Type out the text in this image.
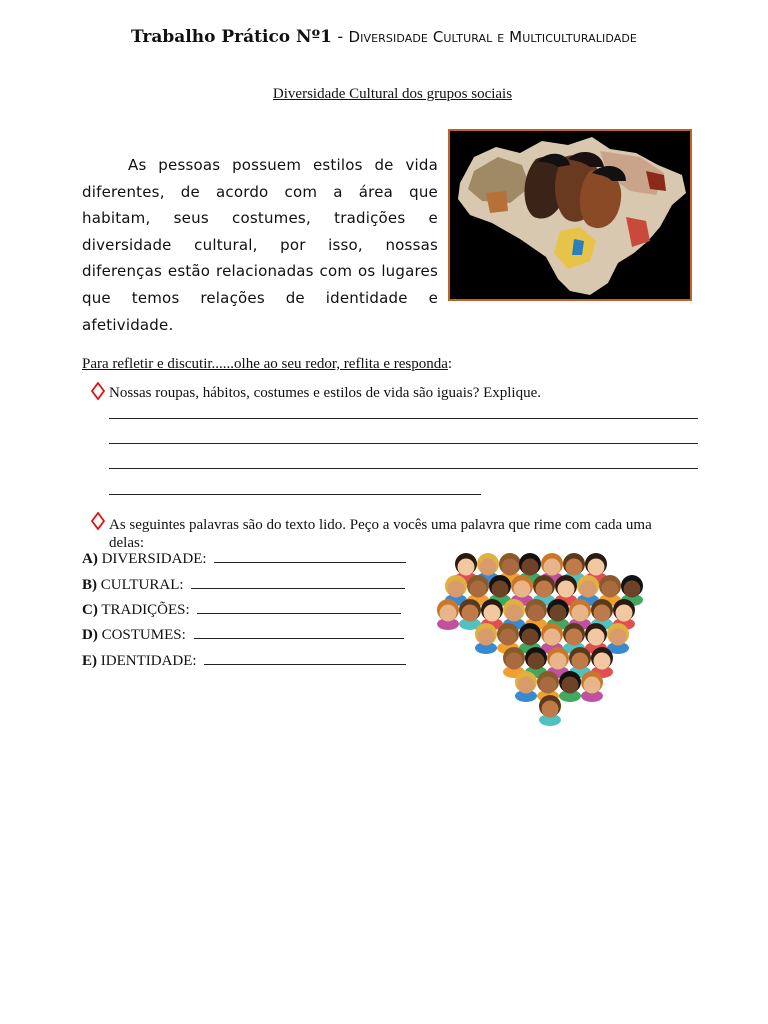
Trabalho Prático Nº1 - Diversidade Cultural e Multiculturalidade
Diversidade Cultural dos grupos sociais

As pessoas possuem estilos de vida diferentes, de acordo com a área que habitam, seus costumes, tradições e diversidade cultural, por isso, nossas diferenças estão relacionadas com os lugares que temos relações de identidade e afetividade.

Para refletir e discutir......olhe ao seu redor, reflita e responda:
Nossas roupas, hábitos, costumes e estilos de vida são iguais? Explique.
As seguintes palavras são do texto lido. Peço a vocês uma palavra que rime com cada uma delas:
A) DIVERSIDADE:
B) CULTURAL:
C) TRADIÇÕES:
D) COSTUMES:
E) IDENTIDADE:
